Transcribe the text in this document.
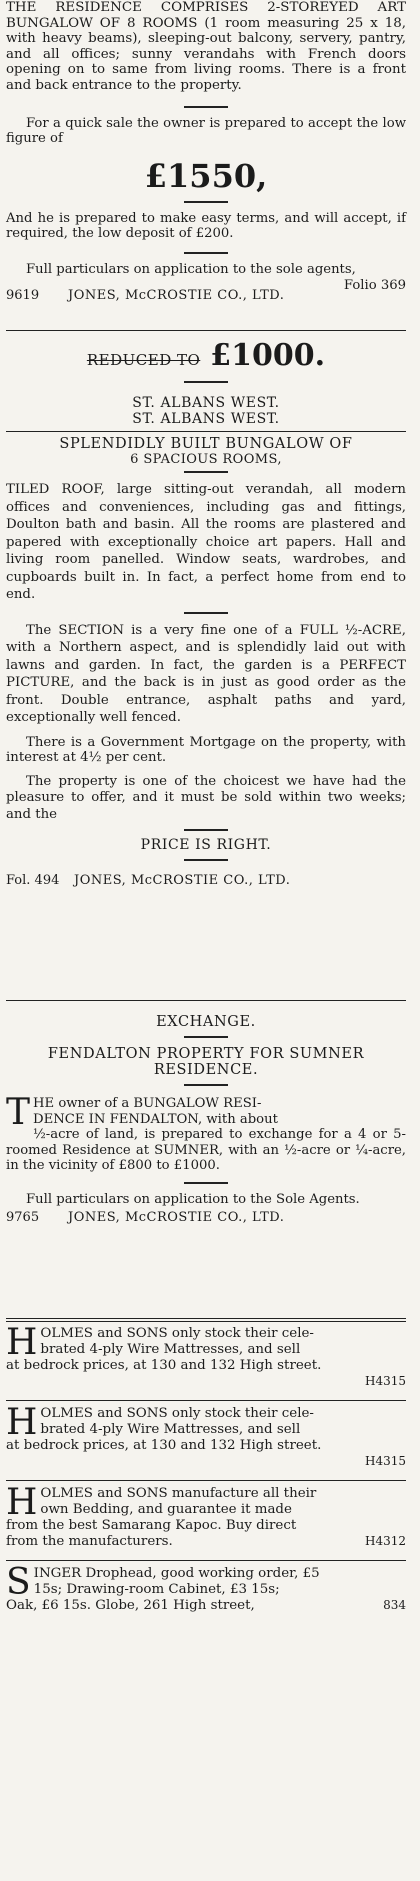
THE RESIDENCE COMPRISES 2-STOREYED ART BUNGALOW OF 8 ROOMS (1 room measuring 25 x 18, with heavy beams), sleeping-out balcony, servery, pantry, and all offices; sunny verandahs with French doors opening on to same from living rooms. There is a front and back entrance to the property.

For a quick sale the owner is prepared to accept the low figure of

£1550,

And he is prepared to make easy terms, and will accept, if required, the low deposit of £200.

Full particulars on application to the sole agents,
Folio 369

9619	JONES, McCROSTIE CO., LTD.
REDUCED TO £1000.

ST. ALBANS WEST.

ST. ALBANS WEST.

SPLENDIDLY BUILT BUNGALOW OF

6 SPACIOUS ROOMS,

TILED ROOF, large sitting-out verandah, all modern offices and conveniences, including gas and fittings, Doulton bath and basin. All the rooms are plastered and papered with exceptionally choice art papers. Hall and living room panelled. Window seats, wardrobes, and cupboards built in. In fact, a perfect home from end to end.

The SECTION is a very fine one of a FULL ½-ACRE, with a Northern aspect, and is splendidly laid out with lawns and garden. In fact, the garden is a PERFECT PICTURE, and the back is in just as good order as the front. Double entrance, asphalt paths and yard, exceptionally well fenced.

There is a Government Mortgage on the property, with interest at 4½ per cent.

The property is one of the choicest we have had the pleasure to offer, and it must be sold within two weeks; and the

PRICE IS RIGHT.

Fol. 494	JONES, McCROSTIE CO., LTD.

EXCHANGE.

FENDALTON PROPERTY FOR SUMNER

RESIDENCE.

T HE owner of a BUNGALOW RESI-
DENCE IN FENDALTON, with about
½-acre of land, is prepared to exchange for a 4 or 5-roomed Residence at SUMNER, with an ½-acre or ¼-acre, in the vicinity of £800 to £1000.

Full particulars on application to the Sole Agents.

9765	JONES, McCROSTIE CO., LTD.
H OLMES and SONS only stock their cele-
brated 4-ply Wire Mattresses, and sell
at bedrock prices, at 130 and 132 High street.

H4315

H OLMES and SONS only stock their cele-
brated 4-ply Wire Mattresses, and sell
at bedrock prices, at 130 and 132 High street.

H4315

H OLMES and SONS manufacture all their
own Bedding, and guarantee it made
from the best Samarang Kapoc. Buy direct
from the manufacturers.	H4312
S INGER Drophead, good working order, £5
15s; Drawing-room Cabinet, £3 15s;
Oak, £6 15s. Globe, 261 High street,	834
